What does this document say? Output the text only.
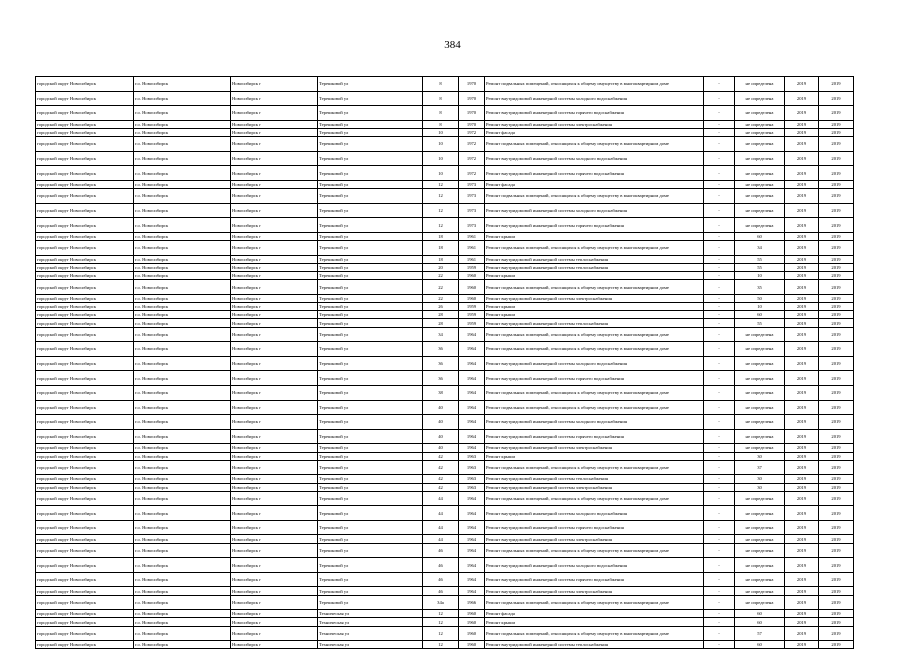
384
городской округ Новосибирск	г.о. Новосибирск	Новосибирск г	Терешковой ул	8	1970	Ремонт подвальных помещений, относящихся к общему имуществу в многоквартирном доме	-	не определена	2019	2019
городской округ Новосибирск	г.о. Новосибирск	Новосибирск г	Терешковой ул	8	1970	Ремонт внутридомовой инженерной системы холодного водоснабжения	-	не определена	2019	2019
городской округ Новосибирск	г.о. Новосибирск	Новосибирск г	Терешковой ул	8	1970	Ремонт внутридомовой инженерной системы горячего водоснабжения	-	не определена	2019	2019
городской округ Новосибирск	г.о. Новосибирск	Новосибирск г	Терешковой ул	8	1970	Ремонт внутридомовой инженерной системы электроснабжения	-	не определена	2019	2019
городской округ Новосибирск	г.о. Новосибирск	Новосибирск г	Терешковой ул	10	1972	Ремонт фасада	-	не определена	2019	2019
городской округ Новосибирск	г.о. Новосибирск	Новосибирск г	Терешковой ул	10	1972	Ремонт подвальных помещений, относящихся к общему имуществу в многоквартирном доме	-	не определена	2019	2019
городской округ Новосибирск	г.о. Новосибирск	Новосибирск г	Терешковой ул	10	1972	Ремонт внутридомовой инженерной системы холодного водоснабжения	-	не определена	2019	2019
городской округ Новосибирск	г.о. Новосибирск	Новосибирск г	Терешковой ул	10	1972	Ремонт внутридомовой инженерной системы горячего водоснабжения	-	не определена	2019	2019
городской округ Новосибирск	г.о. Новосибирск	Новосибирск г	Терешковой ул	12	1973	Ремонт фасада	-	не определена	2019	2019
городской округ Новосибирск	г.о. Новосибирск	Новосибирск г	Терешковой ул	12	1973	Ремонт подвальных помещений, относящихся к общему имуществу в многоквартирном доме	-	не определена	2019	2019
городской округ Новосибирск	г.о. Новосибирск	Новосибирск г	Терешковой ул	12	1973	Ремонт внутридомовой инженерной системы холодного водоснабжения	-	не определена	2019	2019
городской округ Новосибирск	г.о. Новосибирск	Новосибирск г	Терешковой ул	12	1973	Ремонт внутридомовой инженерной системы горячего водоснабжения	-	не определена	2019	2019
городской округ Новосибирск	г.о. Новосибирск	Новосибирск г	Терешковой ул	18	1961	Ремонт крыши	-	60	2019	2019
городской округ Новосибирск	г.о. Новосибирск	Новосибирск г	Терешковой ул	18	1961	Ремонт подвальных помещений, относящихся к общему имуществу в многоквартирном доме	-	34	2019	2019
городской округ Новосибирск	г.о. Новосибирск	Новосибирск г	Терешковой ул	18	1961	Ремонт внутридомовой инженерной системы теплоснабжения	-	55	2019	2019
городской округ Новосибирск	г.о. Новосибирск	Новосибирск г	Терешковой ул	20	1959	Ремонт внутридомовой инженерной системы теплоснабжения	-	55	2019	2019
городской округ Новосибирск	г.о. Новосибирск	Новосибирск г	Терешковой ул	22	1960	Ремонт крыши	-	10	2019	2019
городской округ Новосибирск	г.о. Новосибирск	Новосибирск г	Терешковой ул	22	1960	Ремонт подвальных помещений, относящихся к общему имуществу в многоквартирном доме	-	35	2019	2019
городской округ Новосибирск	г.о. Новосибирск	Новосибирск г	Терешковой ул	22	1960	Ремонт внутридомовой инженерной системы электроснабжения	-	50	2019	2019
городской округ Новосибирск	г.о. Новосибирск	Новосибирск г	Терешковой ул	26	1959	Ремонт крыши	-	10	2019	2019
городской округ Новосибирск	г.о. Новосибирск	Новосибирск г	Терешковой ул	28	1959	Ремонт крыши	-	60	2019	2019
городской округ Новосибирск	г.о. Новосибирск	Новосибирск г	Терешковой ул	28	1959	Ремонт внутридомовой инженерной системы теплоснабжения	-	55	2019	2019
городской округ Новосибирск	г.о. Новосибирск	Новосибирск г	Терешковой ул	34	1964	Ремонт подвальных помещений, относящихся к общему имуществу в многоквартирном доме	-	не определена	2019	2019
городской округ Новосибирск	г.о. Новосибирск	Новосибирск г	Терешковой ул	36	1964	Ремонт подвальных помещений, относящихся к общему имуществу в многоквартирном доме	-	не определена	2019	2019
городской округ Новосибирск	г.о. Новосибирск	Новосибирск г	Терешковой ул	36	1964	Ремонт внутридомовой инженерной системы холодного водоснабжения	-	не определена	2019	2019
городской округ Новосибирск	г.о. Новосибирск	Новосибирск г	Терешковой ул	36	1964	Ремонт внутридомовой инженерной системы горячего водоснабжения	-	не определена	2019	2019
городской округ Новосибирск	г.о. Новосибирск	Новосибирск г	Терешковой ул	38	1964	Ремонт подвальных помещений, относящихся к общему имуществу в многоквартирном доме	-	не определена	2019	2019
городской округ Новосибирск	г.о. Новосибирск	Новосибирск г	Терешковой ул	40	1964	Ремонт подвальных помещений, относящихся к общему имуществу в многоквартирном доме	-	не определена	2019	2019
городской округ Новосибирск	г.о. Новосибирск	Новосибирск г	Терешковой ул	40	1964	Ремонт внутридомовой инженерной системы холодного водоснабжения	-	не определена	2019	2019
городской округ Новосибирск	г.о. Новосибирск	Новосибирск г	Терешковой ул	40	1964	Ремонт внутридомовой инженерной системы горячего водоснабжения	-	не определена	2019	2019
городской округ Новосибирск	г.о. Новосибирск	Новосибирск г	Терешковой ул	40	1964	Ремонт внутридомовой инженерной системы электроснабжения	-	не определена	2019	2019
городской округ Новосибирск	г.о. Новосибирск	Новосибирск г	Терешковой ул	42	1963	Ремонт крыши	-	30	2019	2019
городской округ Новосибирск	г.о. Новосибирск	Новосибирск г	Терешковой ул	42	1963	Ремонт подвальных помещений, относящихся к общему имуществу в многоквартирном доме	-	37	2019	2019
городской округ Новосибирск	г.о. Новосибирск	Новосибирск г	Терешковой ул	42	1963	Ремонт внутридомовой инженерной системы теплоснабжения	-	30	2019	2019
городской округ Новосибирск	г.о. Новосибирск	Новосибирск г	Терешковой ул	42	1963	Ремонт внутридомовой инженерной системы электроснабжения	-	30	2019	2019
городской округ Новосибирск	г.о. Новосибирск	Новосибирск г	Терешковой ул	44	1964	Ремонт подвальных помещений, относящихся к общему имуществу в многоквартирном доме	-	не определена	2019	2019
городской округ Новосибирск	г.о. Новосибирск	Новосибирск г	Терешковой ул	44	1964	Ремонт внутридомовой инженерной системы холодного водоснабжения	-	не определена	2019	2019
городской округ Новосибирск	г.о. Новосибирск	Новосибирск г	Терешковой ул	44	1964	Ремонт внутридомовой инженерной системы горячего водоснабжения	-	не определена	2019	2019
городской округ Новосибирск	г.о. Новосибирск	Новосибирск г	Терешковой ул	44	1964	Ремонт внутридомовой инженерной системы электроснабжения	-	не определена	2019	2019
городской округ Новосибирск	г.о. Новосибирск	Новосибирск г	Терешковой ул	46	1964	Ремонт подвальных помещений, относящихся к общему имуществу в многоквартирном доме	-	не определена	2019	2019
городской округ Новосибирск	г.о. Новосибирск	Новосибирск г	Терешковой ул	46	1964	Ремонт внутридомовой инженерной системы холодного водоснабжения	-	не определена	2019	2019
городской округ Новосибирск	г.о. Новосибирск	Новосибирск г	Терешковой ул	46	1964	Ремонт внутридомовой инженерной системы горячего водоснабжения	-	не определена	2019	2019
городской округ Новосибирск	г.о. Новосибирск	Новосибирск г	Терешковой ул	46	1964	Ремонт внутридомовой инженерной системы электроснабжения	-	не определена	2019	2019
городской округ Новосибирск	г.о. Новосибирск	Новосибирск г	Терешковой ул	34а	1966	Ремонт подвальных помещений, относящихся к общему имуществу в многоквартирном доме	-	не определена	2019	2019
городской округ Новосибирск	г.о. Новосибирск	Новосибирск г	Техническая ул	12	1960	Ремонт фасада	-	60	2019	2019
городской округ Новосибирск	г.о. Новосибирск	Новосибирск г	Техническая ул	12	1960	Ремонт крыши	-	60	2019	2019
городской округ Новосибирск	г.о. Новосибирск	Новосибирск г	Техническая ул	12	1960	Ремонт подвальных помещений, относящихся к общему имуществу в многоквартирном доме	-	57	2019	2019
городской округ Новосибирск	г.о. Новосибирск	Новосибирск г	Техническая ул	12	1960	Ремонт внутридомовой инженерной системы теплоснабжения	-	60	2019	2019
